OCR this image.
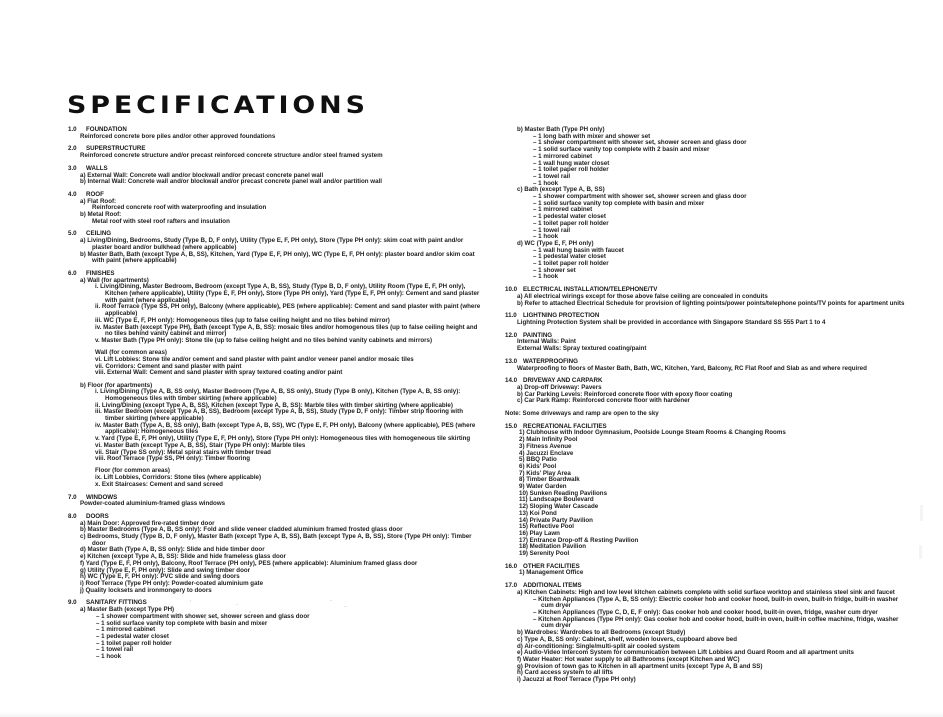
SPECIFICATIONS
1.0	FOUNDATION
Reinforced concrete bore piles and/or other approved foundations
2.0	SUPERSTRUCTURE
Reinforced concrete structure and/or precast reinforced concrete structure and/or steel framed system
3.0	WALLS
a) External Wall: Concrete wall and/or blockwall and/or precast concrete panel wall
b) Internal Wall: Concrete wall and/or blockwall and/or precast concrete panel wall and/or partition wall
4.0	ROOF
a) Flat Roof:
Reinforced concrete roof with waterproofing and insulation
b) Metal Roof:
Metal roof with steel roof rafters and insulation
5.0	CEILING
a) Living/Dining, Bedrooms, Study (Type B, D, F only), Utility (Type E, F, PH only), Store (Type PH only): skim coat with paint and/or plaster board and/or bulkhead (where applicable)
b) Master Bath, Bath (except Type A, B, SS), Kitchen, Yard (Type E, F, PH only), WC (Type E, F, PH only): plaster board and/or skim coat with paint (where applicable)
6.0	FINISHES
a) Wall (for apartments)
i. Living/Dining, Master Bedroom, Bedroom (except Type A, B, SS), Study (Type B, D, F only), Utility Room (Type E, F, PH only), Kitchen (where applicable), Utility (Type E, F, PH only), Store (Type PH only), Yard (Type E, F, PH only): Cement and sand plaster with paint (where applicable)
ii. Roof Terrace (Type SS, PH only), Balcony (where applicable), PES (where applicable): Cement and sand plaster with paint (where applicable)
iii. WC (Type E, F, PH only): Homogeneous tiles (up to false ceiling height and no tiles behind mirror)
iv. Master Bath (except Type PH), Bath (except Type A, B, SS): mosaic tiles and/or homogenous tiles (up to false ceiling height and no tiles behind vanity cabinet and mirror)
v. Master Bath (Type PH only): Stone tile (up to false ceiling height and no tiles behind vanity cabinets and mirrors)
Wall (for common areas)
vi. Lift Lobbies: Stone tile and/or cement and sand plaster with paint and/or veneer panel and/or mosaic tiles
vii. Corridors: Cement and sand plaster with paint
viii. External Wall: Cement and sand plaster with spray textured coating and/or paint
b) Floor (for apartments)
i. Living/Dining (Type A, B, SS only), Master Bedroom (Type A, B, SS only), Study (Type B only), Kitchen (Type A, B, SS only): Homogeneous tiles with timber skirting (where applicable)
ii. Living/Dining (except Type A, B, SS), Kitchen (except Type A, B, SS): Marble tiles with timber skirting (where applicable)
iii. Master Bedroom (except Type A, B, SS), Bedroom (except Type A, B, SS), Study (Type D, F only): Timber strip flooring with timber skirting (where applicable)
iv. Master Bath (Type A, B, SS only), Bath (except Type A, B, SS), WC (Type E, F, PH only), Balcony (where applicable), PES (where applicable): Homogeneous tiles
v. Yard (Type E, F, PH only), Utility (Type E, F, PH only), Store (Type PH only): Homogeneous tiles with homogeneous tile skirting
vi. Master Bath (except Type A, B, SS), Stair (Type PH only): Marble tiles
vii. Stair (Type SS only): Metal spiral stairs with timber tread
viii. Roof Terrace (Type SS, PH only): Timber flooring
Floor (for common areas)
ix. Lift Lobbies, Corridors: Stone tiles (where applicable)
x. Exit Staircases: Cement and sand screed
7.0	WINDOWS
Powder-coated aluminium-framed glass windows
8.0	DOORS
a) Main Door: Approved fire-rated timber door
b) Master Bedrooms (Type A, B, SS only): Fold and slide veneer cladded aluminium framed frosted glass door
c) Bedrooms, Study (Type B, D, F only), Master Bath (except Type A, B, SS), Bath (except Type A, B, SS), Store (Type PH only): Timber door
d) Master Bath (Type A, B, SS only): Slide and hide timber door
e) Kitchen (except Type A, B, SS): Slide and hide frameless glass door
f) Yard (Type E, F, PH only), Balcony, Roof Terrace (PH only), PES (where applicable): Aluminium framed glass door
g) Utility (Type E, F, PH only): Slide and swing timber door
h) WC (Type E, F, PH only): PVC slide and swing doors
i) Roof Terrace (Type PH only): Powder-coated aluminium gate
j) Quality locksets and ironmongery to doors
9.0	SANITARY FITTINGS
a) Master Bath (except Type PH)
– 1 shower compartment with shower set, shower screen and glass door
– 1 solid surface vanity top complete with basin and mixer
– 1 mirrored cabinet
– 1 pedestal water closet
– 1 toilet paper roll holder
– 1 towel rail
– 1 hook
b) Master Bath (Type PH only)
– 1 long bath with mixer and shower set
– 1 shower compartment with shower set, shower screen and glass door
– 1 solid surface vanity top complete with 2 basin and mixer
– 1 mirrored cabinet
– 1 wall hung water closet
– 1 toilet paper roll holder
– 1 towel rail
– 1 hook
c) Bath (except Type A, B, SS)
– 1 shower compartment with shower set, shower screen and glass door
– 1 solid surface vanity top complete with basin and mixer
– 1 mirrored cabinet
– 1 pedestal water closet
– 1 toilet paper roll holder
– 1 towel rail
– 1 hook
d) WC (Type E, F, PH only)
– 1 wall hung basin with faucet
– 1 pedestal water closet
– 1 toilet paper roll holder
– 1 shower set
– 1 hook
10.0 ELECTRICAL INSTALLATION/TELEPHONE/TV
a) All electrical wirings except for those above false ceiling are concealed in conduits
b) Refer to attached Electrical Schedule for provision of lighting points/power points/telephone points/TV points for apartment units
11.0	LIGHTNING PROTECTION
Lightning Protection System shall be provided in accordance with Singapore Standard SS 555 Part 1 to 4
12.0 PAINTING
Internal Walls: Paint
External Walls: Spray textured coating/paint
13.0 WATERPROOFING
Waterproofing to floors of Master Bath, Bath, WC, Kitchen, Yard, Balcony, RC Flat Roof and Slab as and where required
14.0 DRIVEWAY AND CARPARK
a) Drop-off Driveway: Pavers
b) Car Parking Levels: Reinforced concrete floor with epoxy floor coating
c) Car Park Ramp: Reinforced concrete floor with hardener
Note: Some driveways and ramp are open to the sky
15.0 RECREATIONAL FACILITIES
1) Clubhouse with Indoor Gymnasium, Poolside Lounge Steam Rooms & Changing Rooms
2) Main Infinity Pool
3) Fitness Avenue
4) Jacuzzi Enclave
5) BBQ Patio
6) Kids' Pool
7) Kids' Play Area
8) Timber Boardwalk
9) Water Garden
10) Sunken Reading Pavilions
11) Landscape Boulevard
12) Sloping Water Cascade
13) Koi Pond
14) Private Party Pavilion
15) Reflective Pool
16) Play Lawn
17) Entrance Drop-off & Resting Pavilion
18) Meditation Pavilion
19) Serenity Pool
16.0 OTHER FACILITIES
1) Management Office
17.0 ADDITIONAL ITEMS
a) Kitchen Cabinets: High and low level kitchen cabinets complete with solid surface worktop and stainless steel sink and faucet
– Kitchen Appliances (Type A, B, SS only): Electric cooker hob and cooker hood, built-in oven, built-in fridge, built-in washer cum dryer
– Kitchen Appliances (Type C, D, E, F only): Gas cooker hob and cooker hood, built-in oven, fridge, washer cum dryer
– Kitchen Appliances (Type PH only): Gas cooker hob and cooker hood, built-in oven, built-in coffee machine, fridge, washer cum dryer
b) Wardrobes: Wardrobes to all Bedrooms (except Study)
c) Type A, B, SS only: Cabinet, shelf, wooden louvers, cupboard above bed
d) Air-conditioning: Single/multi-split air cooled system
e) Audio-Video Intercom System for communication between Lift Lobbies and Guard Room and all apartment units
f) Water Heater: Hot water supply to all Bathrooms (except Kitchen and WC)
g) Provision of town gas to Kitchen in all apartment units (except Type A, B and SS)
h) Card access system to all lifts
i) Jacuzzi at Roof Terrace (Type PH only)
